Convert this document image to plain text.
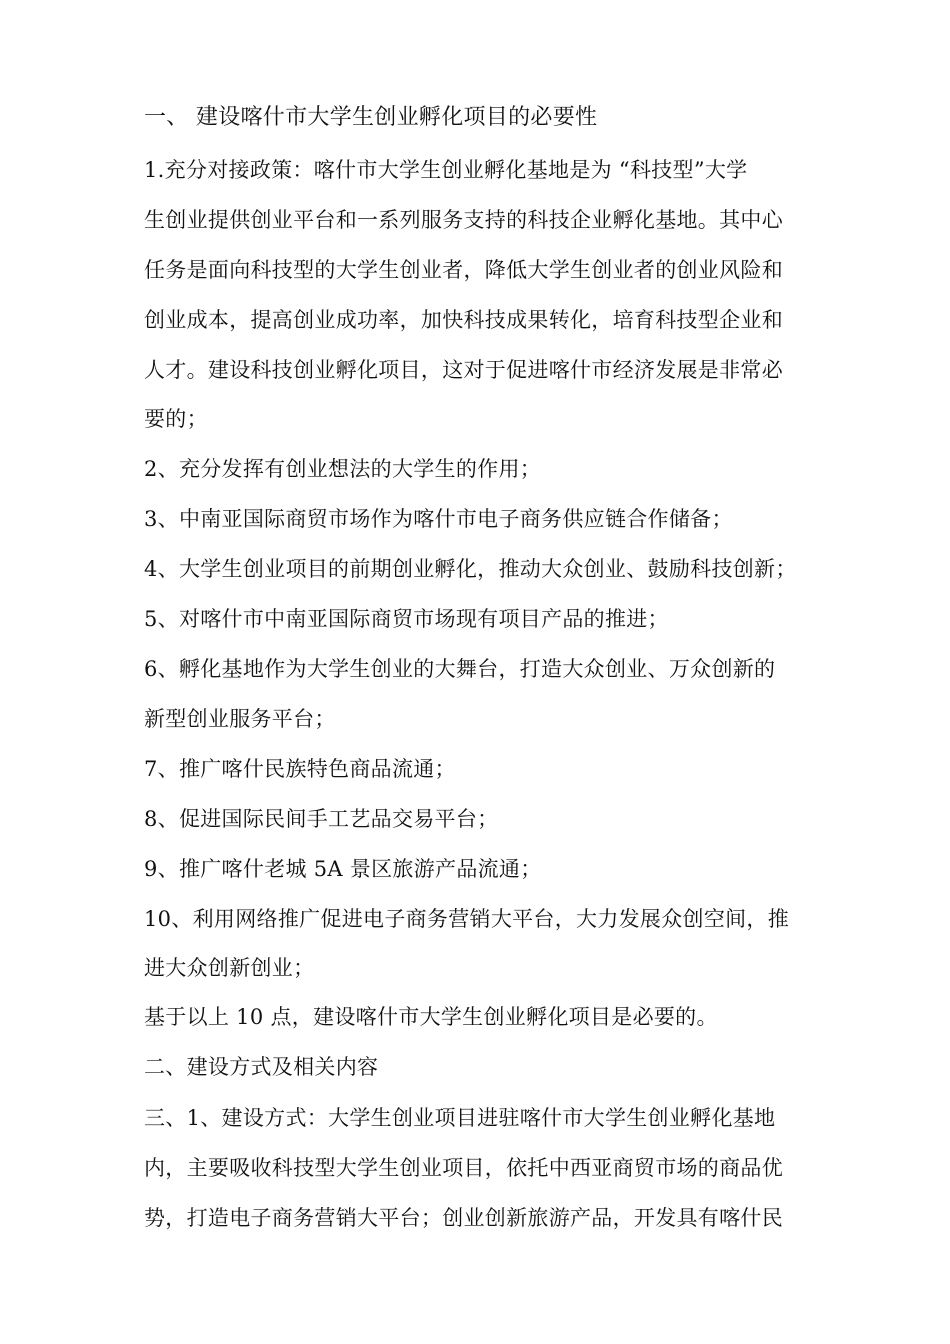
一、 建设喀什市大学生创业孵化项目的必要性
1.充分对接政策：喀什市大学生创业孵化基地是为 “科技型”大学
生创业提供创业平台和一系列服务支持的科技企业孵化基地。其中心
任务是面向科技型的大学生创业者，降低大学生创业者的创业风险和
创业成本，提高创业成功率，加快科技成果转化，培育科技型企业和
人才。建设科技创业孵化项目，这对于促进喀什市经济发展是非常必
要的；
2、充分发挥有创业想法的大学生的作用；
3、中南亚国际商贸市场作为喀什市电子商务供应链合作储备；
4、大学生创业项目的前期创业孵化，推动大众创业、鼓励科技创新；
5、对喀什市中南亚国际商贸市场现有项目产品的推进；
6、孵化基地作为大学生创业的大舞台，打造大众创业、万众创新的
新型创业服务平台；
7、推广喀什民族特色商品流通；
8、促进国际民间手工艺品交易平台；
9、推广喀什老城 5A 景区旅游产品流通；
10、利用网络推广促进电子商务营销大平台，大力发展众创空间，推
进大众创新创业；
基于以上 10 点，建设喀什市大学生创业孵化项目是必要的。
二、建设方式及相关内容
三、1、建设方式：大学生创业项目进驻喀什市大学生创业孵化基地
内，主要吸收科技型大学生创业项目，依托中西亚商贸市场的商品优
势，打造电子商务营销大平台；创业创新旅游产品，开发具有喀什民
